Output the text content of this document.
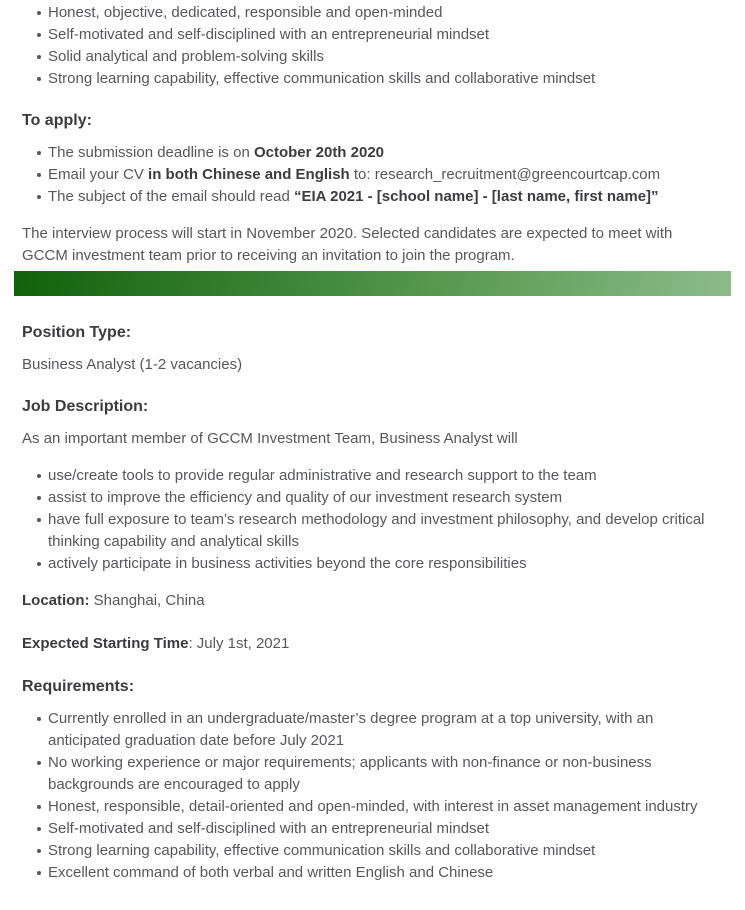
Honest, objective, dedicated, responsible and open-minded
Self-motivated and self-disciplined with an entrepreneurial mindset
Solid analytical and problem-solving skills
Strong learning capability, effective communication skills and collaborative mindset
To apply:
The submission deadline is on October 20th 2020
Email your CV in both Chinese and English to: research_recruitment@greencourtcap.com
The subject of the email should read “EIA 2021 - [school name] - [last name, first name]”

The interview process will start in November 2020. Selected candidates are expected to meet with GCCM investment team prior to receiving an invitation to join the program.

Position Type:

Business Analyst (1-2 vacancies)

Job Description:

As an important member of GCCM Investment Team, Business Analyst will

use/create tools to provide regular administrative and research support to the team
assist to improve the efficiency and quality of our investment research system
have full exposure to team’s research methodology and investment philosophy, and develop critical thinking capability and analytical skills
actively participate in business activities beyond the core responsibilities

Location: Shanghai, China

Expected Starting Time: July 1st, 2021

Requirements:
Currently enrolled in an undergraduate/master’s degree program at a top university, with an anticipated graduation date before July 2021
No working experience or major requirements; applicants with non-finance or non-business backgrounds are encouraged to apply
Honest, responsible, detail-oriented and open-minded, with interest in asset management industry
Self-motivated and self-disciplined with an entrepreneurial mindset
Strong learning capability, effective communication skills and collaborative mindset
Excellent command of both verbal and written English and Chinese
